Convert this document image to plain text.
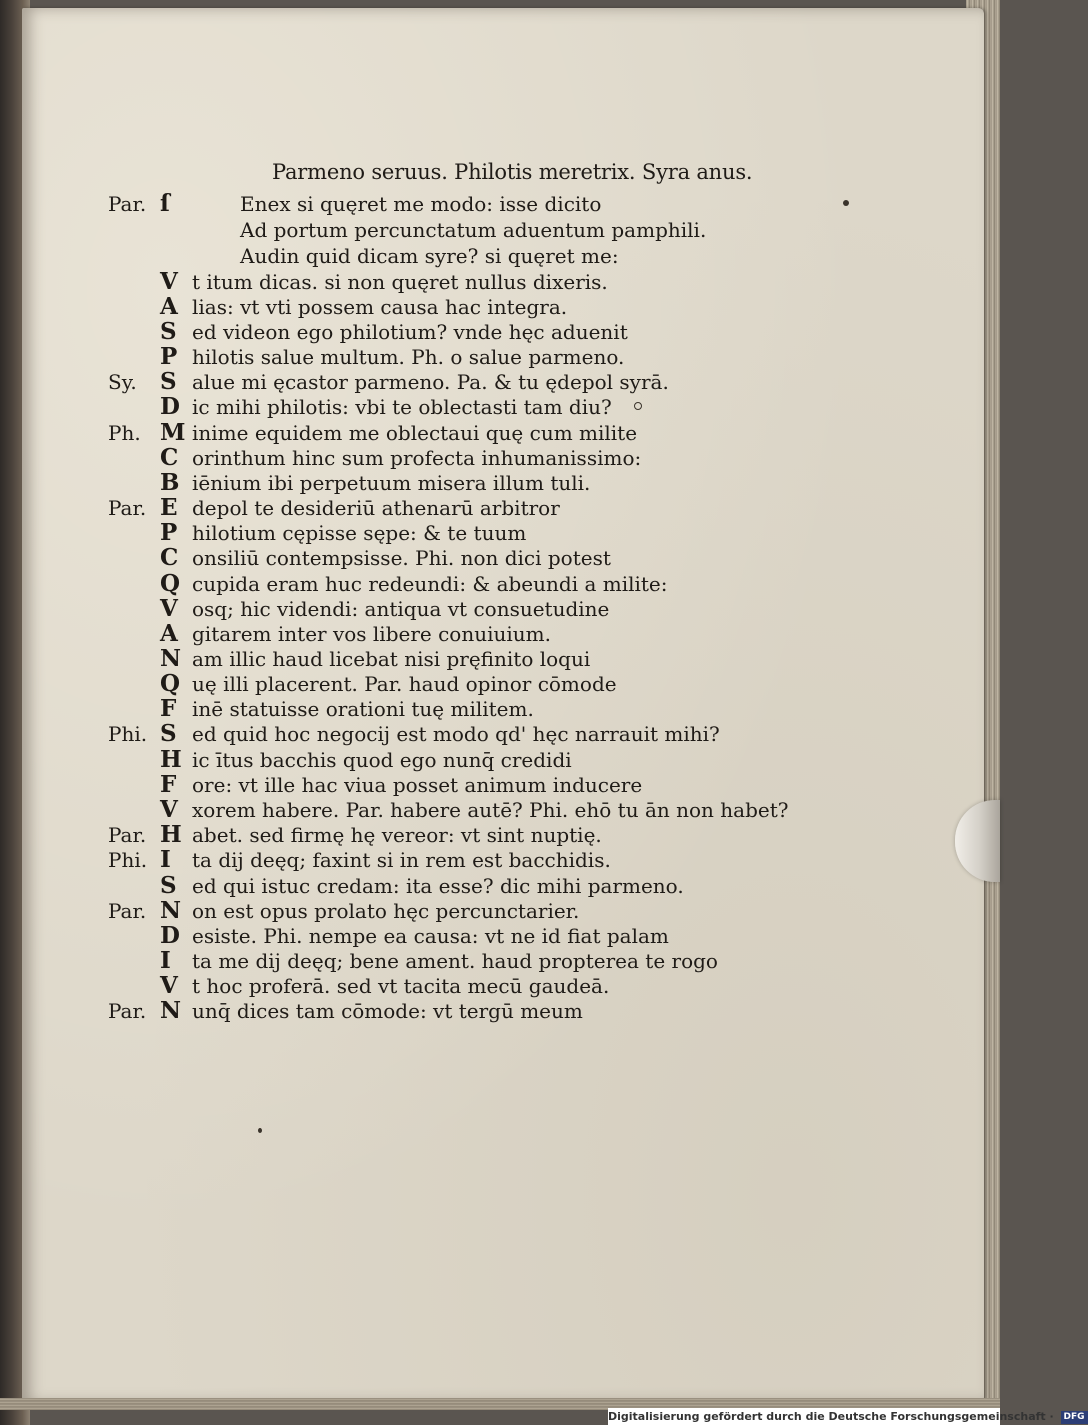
Parmeno seruus. Philotis meretrix. Syra anus.
Par. ſ	Enex si quęret me modo: isse dicito
Ad portum percunctatum aduentum pamphili.
Audin quid dicam syre? si quęret me:
V t itum dicas. si non quęret nullus dixeris.
A lias: vt vti possem causa hac integra.
S ed videon ego philotium? vnde hęc aduenit
P hilotis salue multum. Ph. o salue parmeno.
Sy. S alue mi ęcastor parmeno. Pa. & tu ędepol syrā.
D ic mihi philotis: vbi te oblectasti tam diu?
Ph. M inime equidem me oblectaui quę cum milite
C orinthum hinc sum profecta inhumanissimo:
B iēnium ibi perpetuum misera illum tuli.
Par. E depol te desideriū athenarū arbitror
P hilotium cępisse sępe: & te tuum
C onsiliū contempsisse. Phi. non dici potest
Q cupida eram huc redeundi: & abeundi a milite:
V osq; hic videndi: antiqua vt consuetudine
A gitarem inter vos libere conuiuium.
N am illic haud licebat nisi pręfinito loqui
Q uę illi placerent. Par. haud opinor cōmode
F inē statuisse orationi tuę militem.
Phi. S ed quid hoc negocij est modo qd' hęc narrauit mihi?
H ic ītus bacchis quod ego nunq̄ credidi
F ore: vt ille hac viua posset animum inducere
V xorem habere. Par. habere autē? Phi. ehō tu ān non habet?
Par. H abet. sed firmę hę vereor: vt sint nuptię.
Phi. I ta dij deęq; faxint si in rem est bacchidis.
S ed qui istuc credam: ita esse? dic mihi parmeno.
Par. N on est opus prolato hęc percunctarier.
D esiste. Phi. nempe ea causa: vt ne id fiat palam
I ta me dij deęq; bene ament. haud propterea te rogo
V t hoc proferā. sed vt tacita mecū gaudeā.
Par. N unq̄ dices tam cōmode: vt tergū meum
Digitalisierung gefördert durch die Deutsche Forschungsgemeinschaft · DFG
